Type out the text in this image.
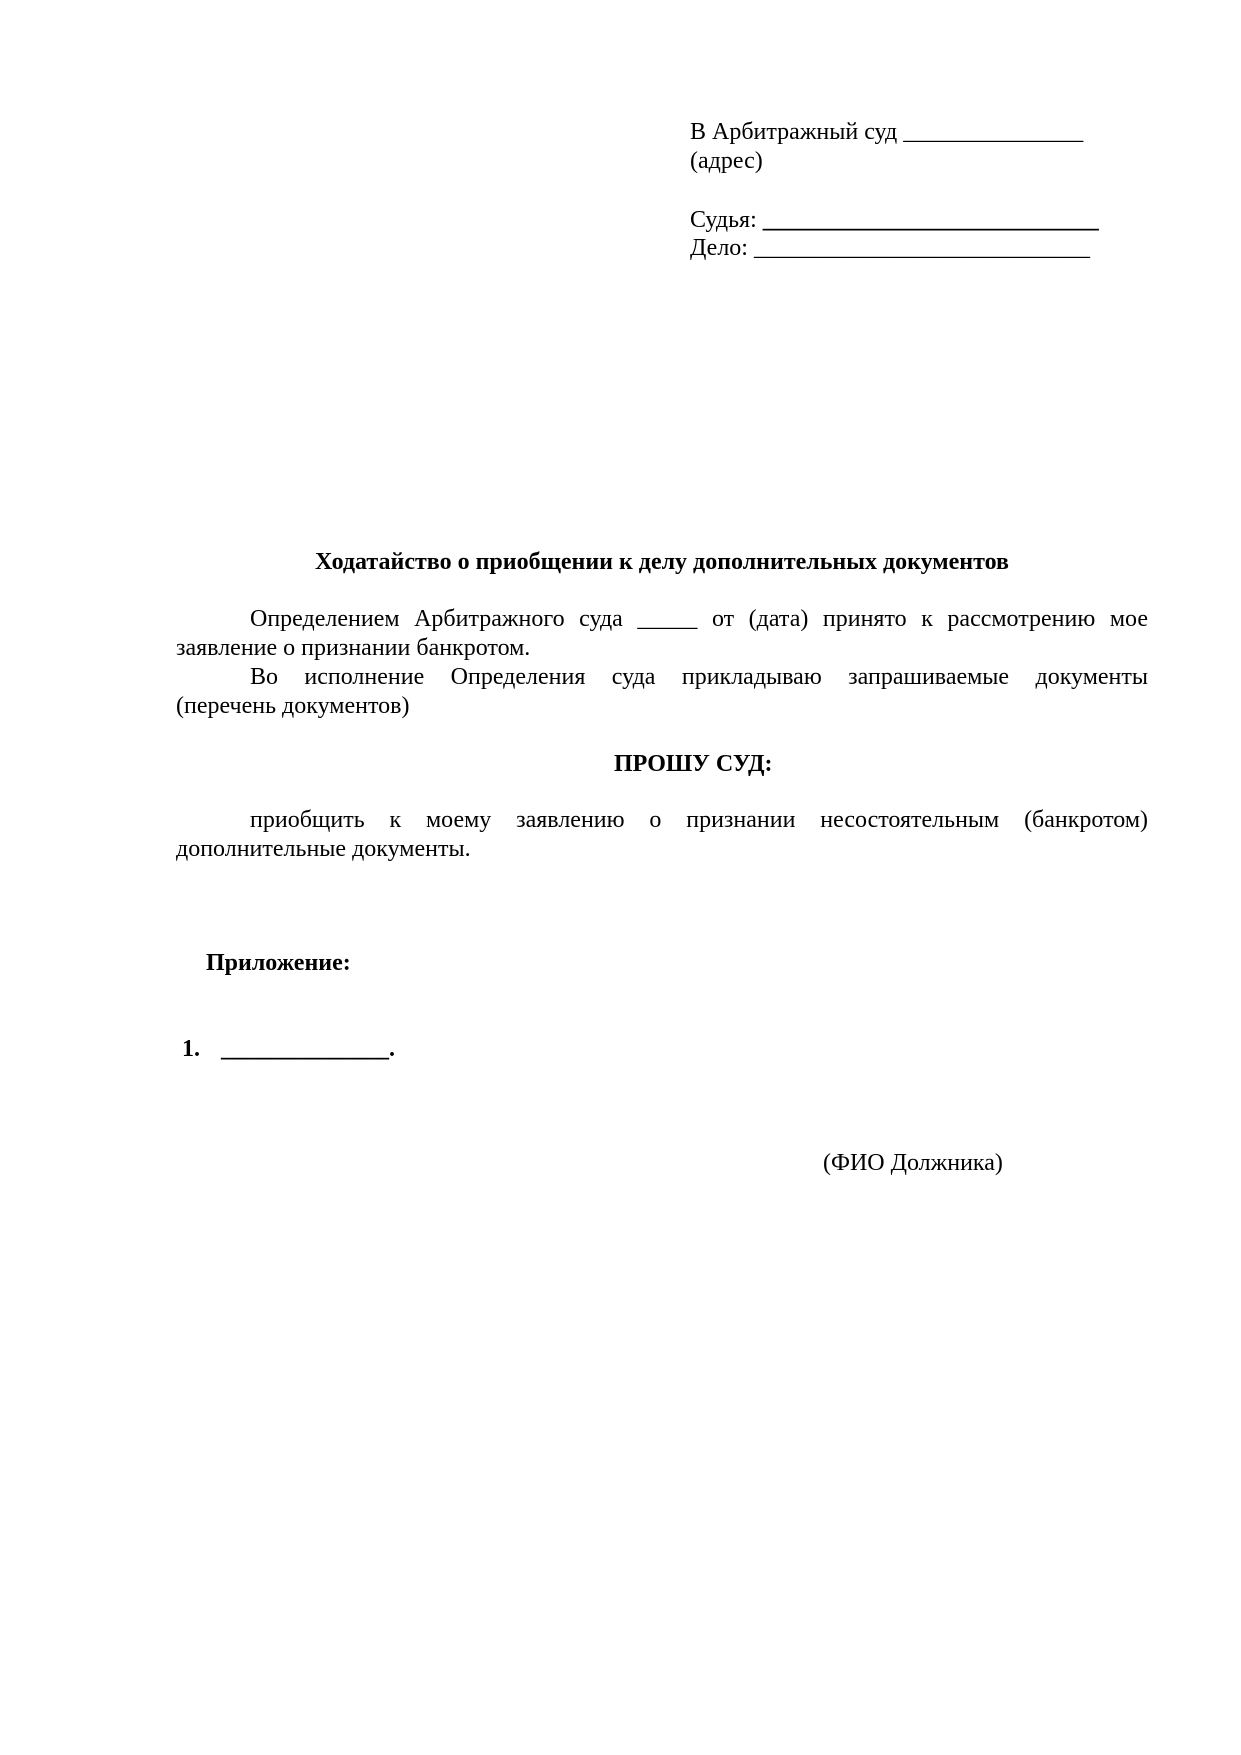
В Арбитражный суд _______________
(адрес)
Судья: ____________________________
Дело: ____________________________
Ходатайство о приобщении к делу дополнительных документов
Определением Арбитражного суда _____ от (дата) принято к рассмотрению мое
заявление о признании банкротом.
Во исполнение Определения суда прикладываю запрашиваемые документы
(перечень документов)
ПРОШУ СУД:
приобщить к моему заявлению о признании несостоятельным (банкротом)
дополнительные документы.
Приложение:
1. ______________.
(ФИО Должника)
